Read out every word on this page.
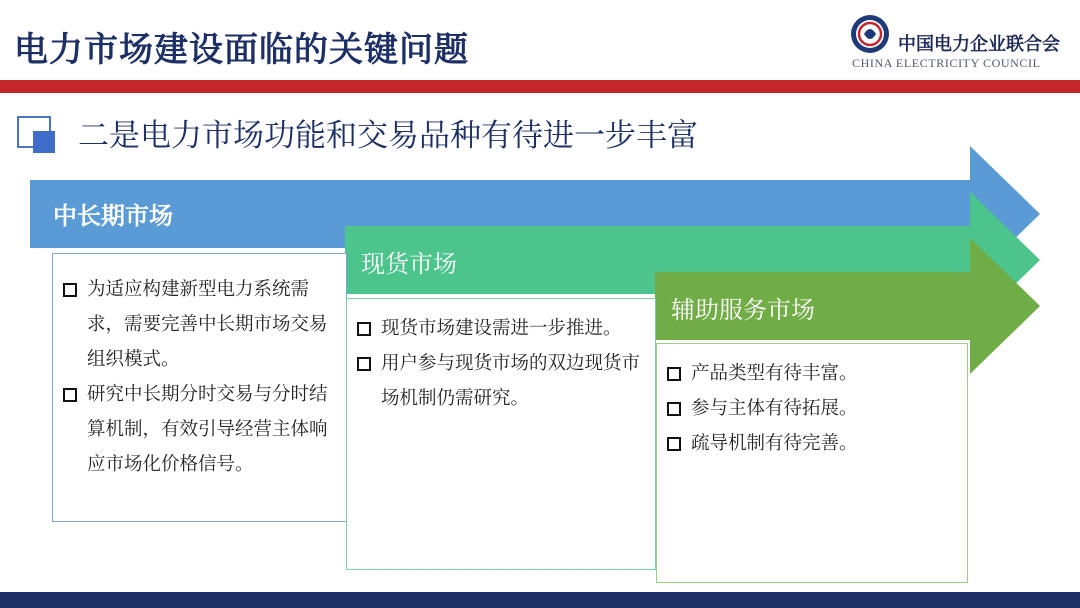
电力市场建设面临的关键问题	中国电力企业联合会
CHINA ELECTRICITY COUNCIL
二是电力市场功能和交易品种有待进一步丰富
中长期市场
现货市场
辅助服务市场
为适应构建新型电力系统需求，需要完善中长期市场交易组织模式。
研究中长期分时交易与分时结算机制，有效引导经营主体响应市场化价格信号。
现货市场建设需进一步推进。
用户参与现货市场的双边现货市场机制仍需研究。
产品类型有待丰富。
参与主体有待拓展。
疏导机制有待完善。
